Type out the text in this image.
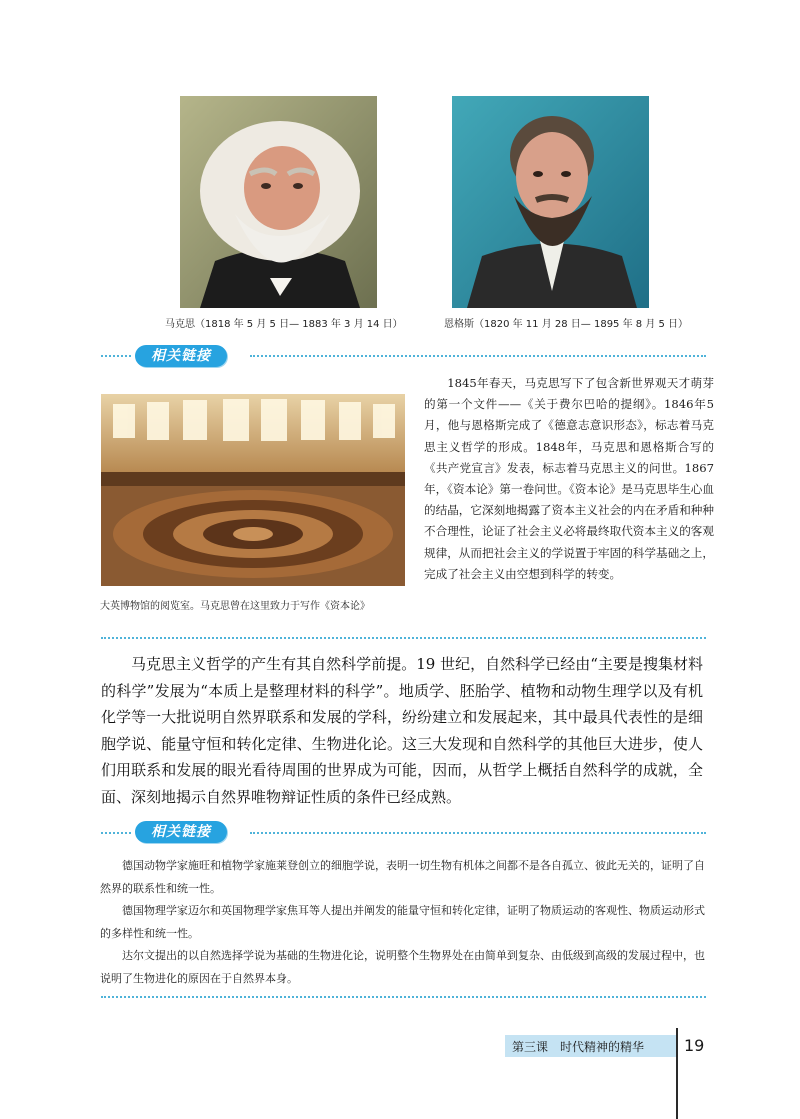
马克思（1818 年 5 月 5 日— 1883 年 3 月 14 日）	恩格斯（1820 年 11 月 28 日— 1895 年 8 月 5 日）
相关链接
大英博物馆的阅览室。马克思曾在这里致力于写作《资本论》
1845年春天，马克思写下了包含新世界观天才萌芽的第一个文件——《关于费尔巴哈的提纲》。1846年5月，他与恩格斯完成了《德意志意识形态》，标志着马克思主义哲学的形成。1848年，马克思和恩格斯合写的《共产党宣言》发表，标志着马克思主义的问世。1867 年，《资本论》第一卷问世。《资本论》是马克思毕生心血的结晶，它深刻地揭露了资本主义社会的内在矛盾和种种不合理性，论证了社会主义必将最终取代资本主义的客观规律，从而把社会主义的学说置于牢固的科学基础之上，完成了社会主义由空想到科学的转变。
马克思主义哲学的产生有其自然科学前提。19 世纪，自然科学已经由“主要是搜集材料的科学”发展为“本质上是整理材料的科学”。地质学、胚胎学、植物和动物生理学以及有机化学等一大批说明自然界联系和发展的学科，纷纷建立和发展起来，其中最具代表性的是细胞学说、能量守恒和转化定律、生物进化论。这三大发现和自然科学的其他巨大进步，使人们用联系和发展的眼光看待周围的世界成为可能，因而，从哲学上概括自然科学的成就，全面、深刻地揭示自然界唯物辩证性质的条件已经成熟。
相关链接

德国动物学家施旺和植物学家施莱登创立的细胞学说，表明一切生物有机体之间都不是各自孤立、彼此无关的，证明了自然界的联系性和统一性。

德国物理学家迈尔和英国物理学家焦耳等人提出并阐发的能量守恒和转化定律，证明了物质运动的客观性、物质运动形式的多样性和统一性。

达尔文提出的以自然选择学说为基础的生物进化论，说明整个生物界处在由简单到复杂、由低级到高级的发展过程中，也说明了生物进化的原因在于自然界本身。

第三课　时代精神的精华 19
